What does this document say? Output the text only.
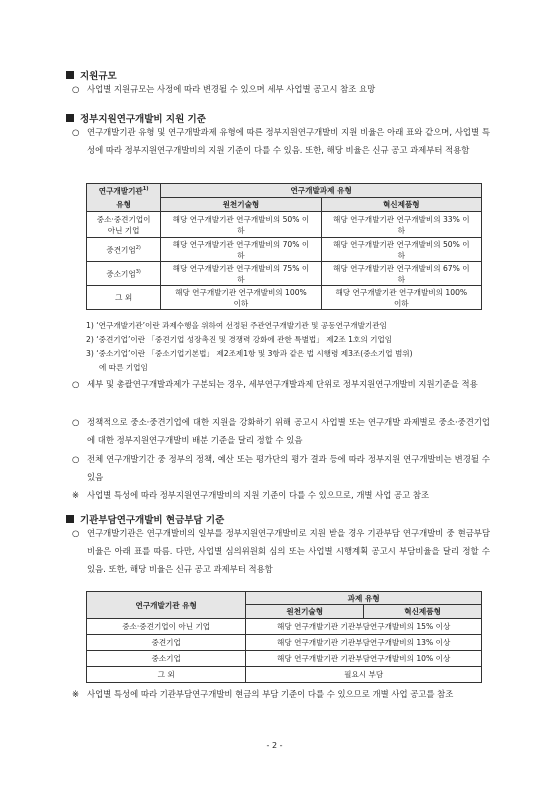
지원규모
○ 사업별 지원규모는 사정에 따라 변경될 수 있으며 세부 사업별 공고시 참조 요망
정부지원연구개발비 지원 기준
○ 연구개발기관 유형 및 연구개발과제 유형에 따른 정부지원연구개발비 지원 비율은 아래 표와 같으며, 사업별 특성에 따라 정부지원연구개발비의 지원 기준이 다를 수 있음. 또한, 해당 비율은 신규 공고 과제부터 적용함
연구개발기관$^{1)}$	연구개발과제 유형	
유형	원천기술형	혁신제품형
중소·중견기업이 아닌 기업	해당 연구개발기관 연구개발비의 50% 이하	해당 연구개발기관 연구개발비의 33% 이하
중견기업$^{2)}$	해당 연구개발기관 연구개발비의 70% 이하	해당 연구개발기관 연구개발비의 50% 이하
중소기업$^{3)}$	해당 연구개발기관 연구개발비의 75% 이하	해당 연구개발기관 연구개발비의 67% 이하
그 외	해당 연구개발기관 연구개발비의 100% 이하	해당 연구개발기관 연구개발비의 100% 이하
1) ‘연구개발기관’이란 과제수행을 위하여 선정된 주관연구개발기관 및 공동연구개발기관임
2) ‘중견기업’이란 「중견기업 성장촉진 및 경쟁력 강화에 관한 특별법」 제2조 1호의 기업임
3) ‘중소기업’이란 「중소기업기본법」 제2조제1항 및 3항과 같은 법 시행령 제3조(중소기업 범위)
에 따른 기업임
○ 세부 및 총괄연구개발과제가 구분되는 경우, 세부연구개발과제 단위로 정부지원연구개발비 지원기준을 적용
○ 정책적으로 중소·중견기업에 대한 지원을 강화하기 위해 공고시 사업별 또는 연구개발 과제별로 중소·중견기업에 대한 정부지원연구개발비 배분 기준을 달리 정할 수 있음
○ 전체 연구개발기간 중 정부의 정책, 예산 또는 평가단의 평가 결과 등에 따라 정부지원 연구개발비는 변경될 수 있음
※ 사업별 특성에 따라 정부지원연구개발비의 지원 기준이 다를 수 있으므로, 개별 사업 공고 참조
기관부담연구개발비 현금부담 기준
○ 연구개발기관은 연구개발비의 일부를 정부지원연구개발비로 지원 받을 경우 기관부담 연구개발비 중 현금부담비율은 아래 표를 따름. 다만, 사업별 심의위원회 심의 또는 사업별 시행계획 공고시 부담비율을 달리 정할 수 있음. 또한, 해당 비율은 신규 공고 과제부터 적용함
연구개발기관 유형	과제 유형	
	원천기술형	혁신제품형
중소·중견기업이 아닌 기업	해당 연구개발기관 기관부담연구개발비의 15% 이상	
중견기업	해당 연구개발기관 기관부담연구개발비의 13% 이상	
중소기업	해당 연구개발기관 기관부담연구개발비의 10% 이상	
그 외	필요시 부담	
※ 사업별 특성에 따라 기관부담연구개발비 현금의 부담 기준이 다를 수 있으므로 개별 사업 공고를 참조
- 2 -
